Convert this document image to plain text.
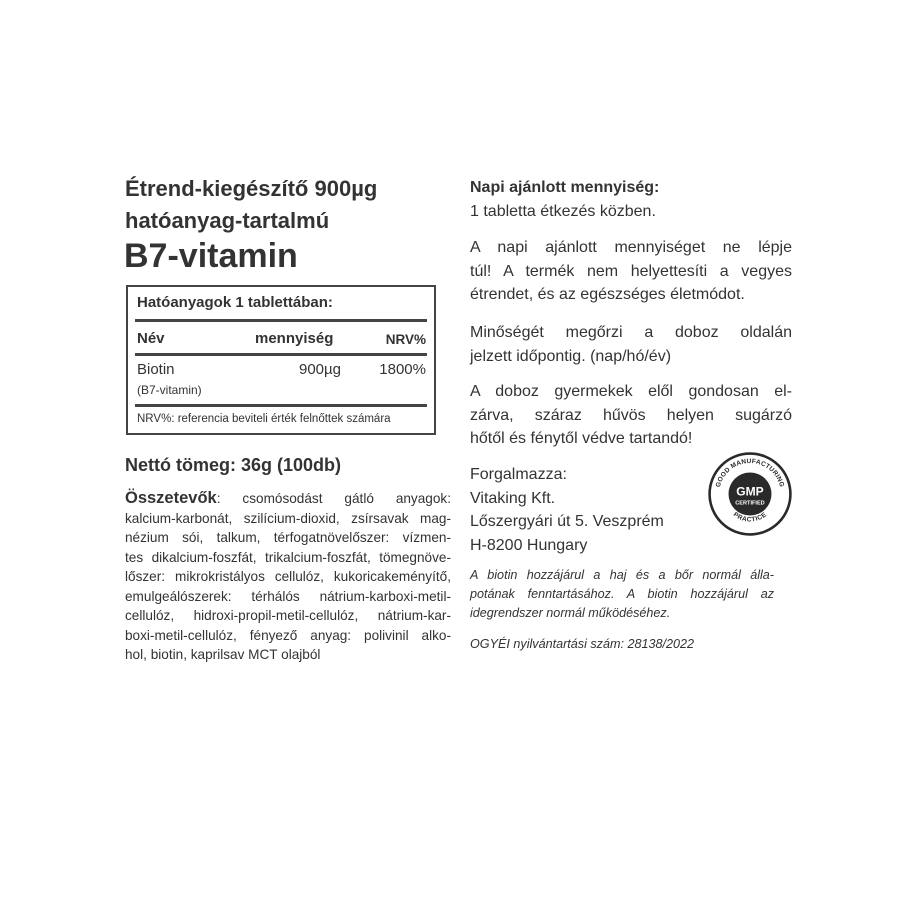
Étrend-kiegészítő 900µg
hatóanyag-tartalmú
B7-vitamin
Hatóanyagok 1 tablettában:
Név	mennyiség	NRV%
Biotin
(B7-vitamin)
900µg	1800%
NRV%: referencia beviteli érték felnőttek számára
Nettó tömeg: 36g (100db)
Összetevők: csomósodást gátló anyagok:
kalcium-karbonát, szilícium-dioxid, zsírsavak mag-
nézium sói, talkum, térfogatnövelőszer: vízmen-
tes dikalcium-foszfát, trikalcium-foszfát, tömegnöve-
lőszer: mikrokristályos cellulóz, kukoricakeményítő,
emulgeálószerek: térhálós nátrium-karboxi-metil-
cellulóz, hidroxi-propil-metil-cellulóz, nátrium-kar-
boxi-metil-cellulóz, fényező anyag: polivinil alko-
hol, biotin, kaprilsav MCT olajból
Napi ajánlott mennyiség:
1 tabletta étkezés közben.
A napi ajánlott mennyiséget ne lépje
túl! A termék nem helyettesíti a vegyes
étrendet, és az egészséges életmódot.
Minőségét megőrzi a doboz oldalán
jelzett időpontig. (nap/hó/év)
A doboz gyermekek elől gondosan el-
zárva, száraz hűvös helyen sugárzó
hőtől és fénytől védve tartandó!
Forgalmazza:
Vitaking Kft.
Lőszergyári út 5. Veszprém
H-8200 Hungary
GOOD MANUFACTURING
PRACTICE
GMP
CERTIFIED
A biotin hozzájárul a haj és a bőr normál álla-
potának fenntartásához. A biotin hozzájárul az
idegrendszer normál működéséhez.
OGYÉI nyilvántartási szám: 28138/2022
